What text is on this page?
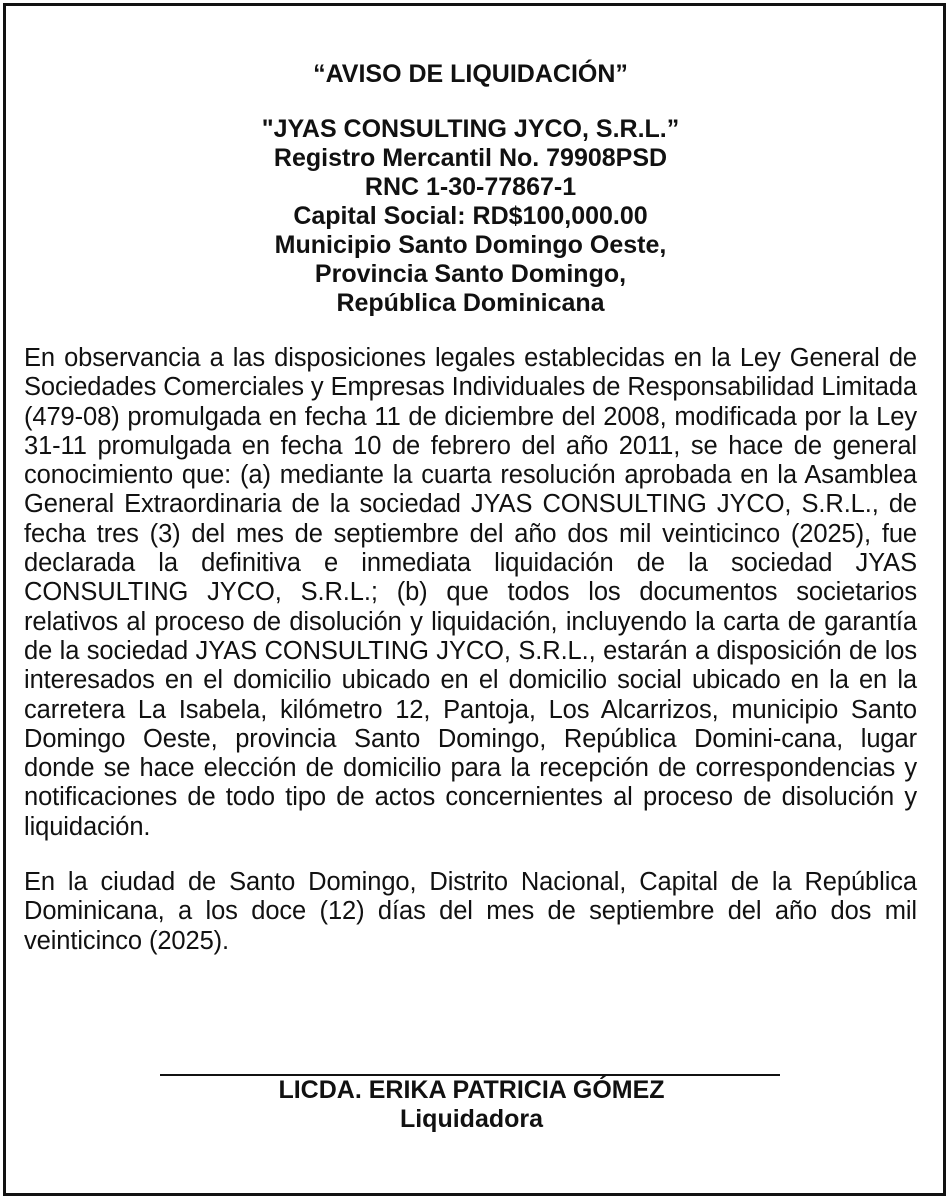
“AVISO DE LIQUIDACIÓN”
"JYAS CONSULTING JYCO, S.R.L.”
Registro Mercantil No. 79908PSD
RNC 1-30-77867-1
Capital Social: RD$100,000.00
Municipio Santo Domingo Oeste,
Provincia Santo Domingo,
República Dominicana

En observancia a las disposiciones legales establecidas en la Ley General de Sociedades Comerciales y Empresas Individuales de Responsabilidad Limitada (479-08) promulgada en fecha 11 de diciembre del 2008, modificada por la Ley 31-11 promulgada en fecha 10 de febrero del año 2011, se hace de general conocimiento que: (a) mediante la cuarta resolución aprobada en la Asamblea General Extraordinaria de la sociedad JYAS CONSULTING JYCO, S.R.L., de fecha tres (3) del mes de septiembre del año dos mil veinticinco (2025), fue declarada la definitiva e inmediata liquidación de la sociedad JYAS CONSULTING JYCO, S.R.L.; (b) que todos los documentos societarios relativos al proceso de disolución y liquidación, incluyendo la carta de garantía de la sociedad JYAS CONSULTING JYCO, S.R.L., estarán a disposición de los interesados en el domicilio ubicado en el domicilio social ubicado en la en la carretera La Isabela, kilómetro 12, Pantoja, Los Alcarrizos, municipio Santo Domingo Oeste, provincia Santo Domingo, República Domini-cana, lugar donde se hace elección de domicilio para la recepción de correspondencias y notificaciones de todo tipo de actos concernientes al proceso de disolución y liquidación.

En la ciudad de Santo Domingo, Distrito Nacional, Capital de la República Dominicana, a los doce (12) días del mes de septiembre del año dos mil veinticinco (2025).

LICDA. ERIKA PATRICIA GÓMEZ
Liquidadora
